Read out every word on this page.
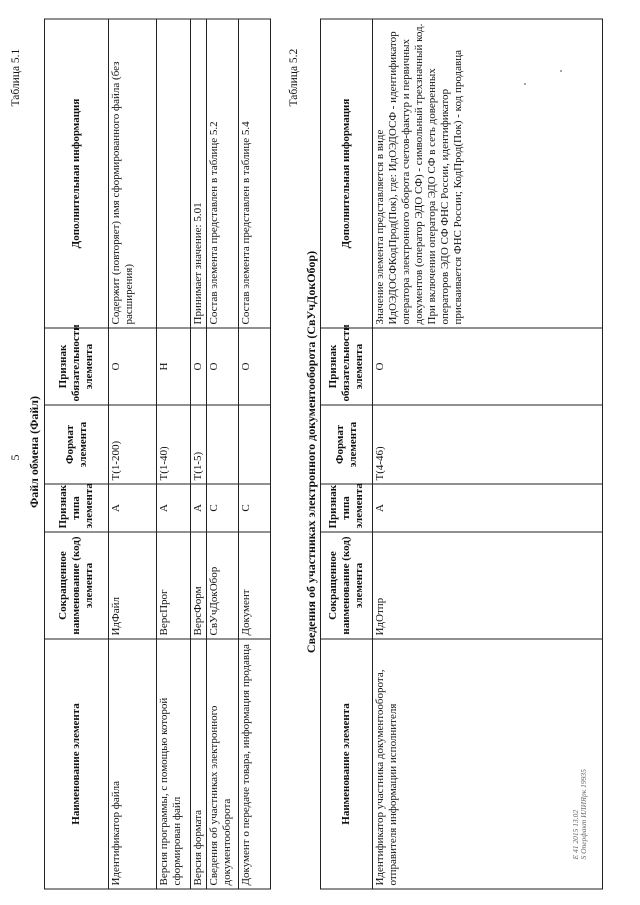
5
Таблица 5.1
Файл обмена (Файл)
Наименование элемента	Сокращенное наименование (код) элемента	Признак типа элемента	Формат элемента	Признак обязательности элемента	Дополнительная информация
Идентификатор файла	ИдФайл	А	T(1-200)	О	Содержит (повторяет) имя сформированного файла (без расширения)
Версия программы, с помощью которой сформирован файл	ВерсПрог	А	T(1-40)	Н	
Версия формата	ВерсФорм	А	T(1-5)	О	Принимает значение: 5.01
Сведения об участниках электронного документооборота	СвУчДокОбор	С		О	Состав элемента представлен в таблице 5.2
Документ о передаче товара, информация продавца	Документ	С		О	Состав элемента представлен в таблице 5.4
Таблица 5.2
Сведения об участниках электронного документооборота (СвУчДокОбор)
Наименование элемента	Сокращенное наименование (код) элемента	Признак типа элемента	Формат элемента	Признак обязательности элемента	Дополнительная информация
Идентификатор участника документооборота, отправителя информации исполнителя	ИдОтпр	А	T(4-46)	О	Значение элемента представляется в виде ИдОЭДОСФКодПрод(Пок), где: ИдОЭДОСФ - идентификатор оператора электронного оборота счетов-фактур и первичных документов (оператор ЭДО СФ) - символьный трехзначный код. При включении оператора ЭДО СФ в сеть доверенных операторов ЭДО СФ ФНС России, идентификатор присваивается ФНС России; КодПрод(Пок) - код продавца
Е 41 2015 13.02 S Оперфакт ИЛИЯрк 19935
